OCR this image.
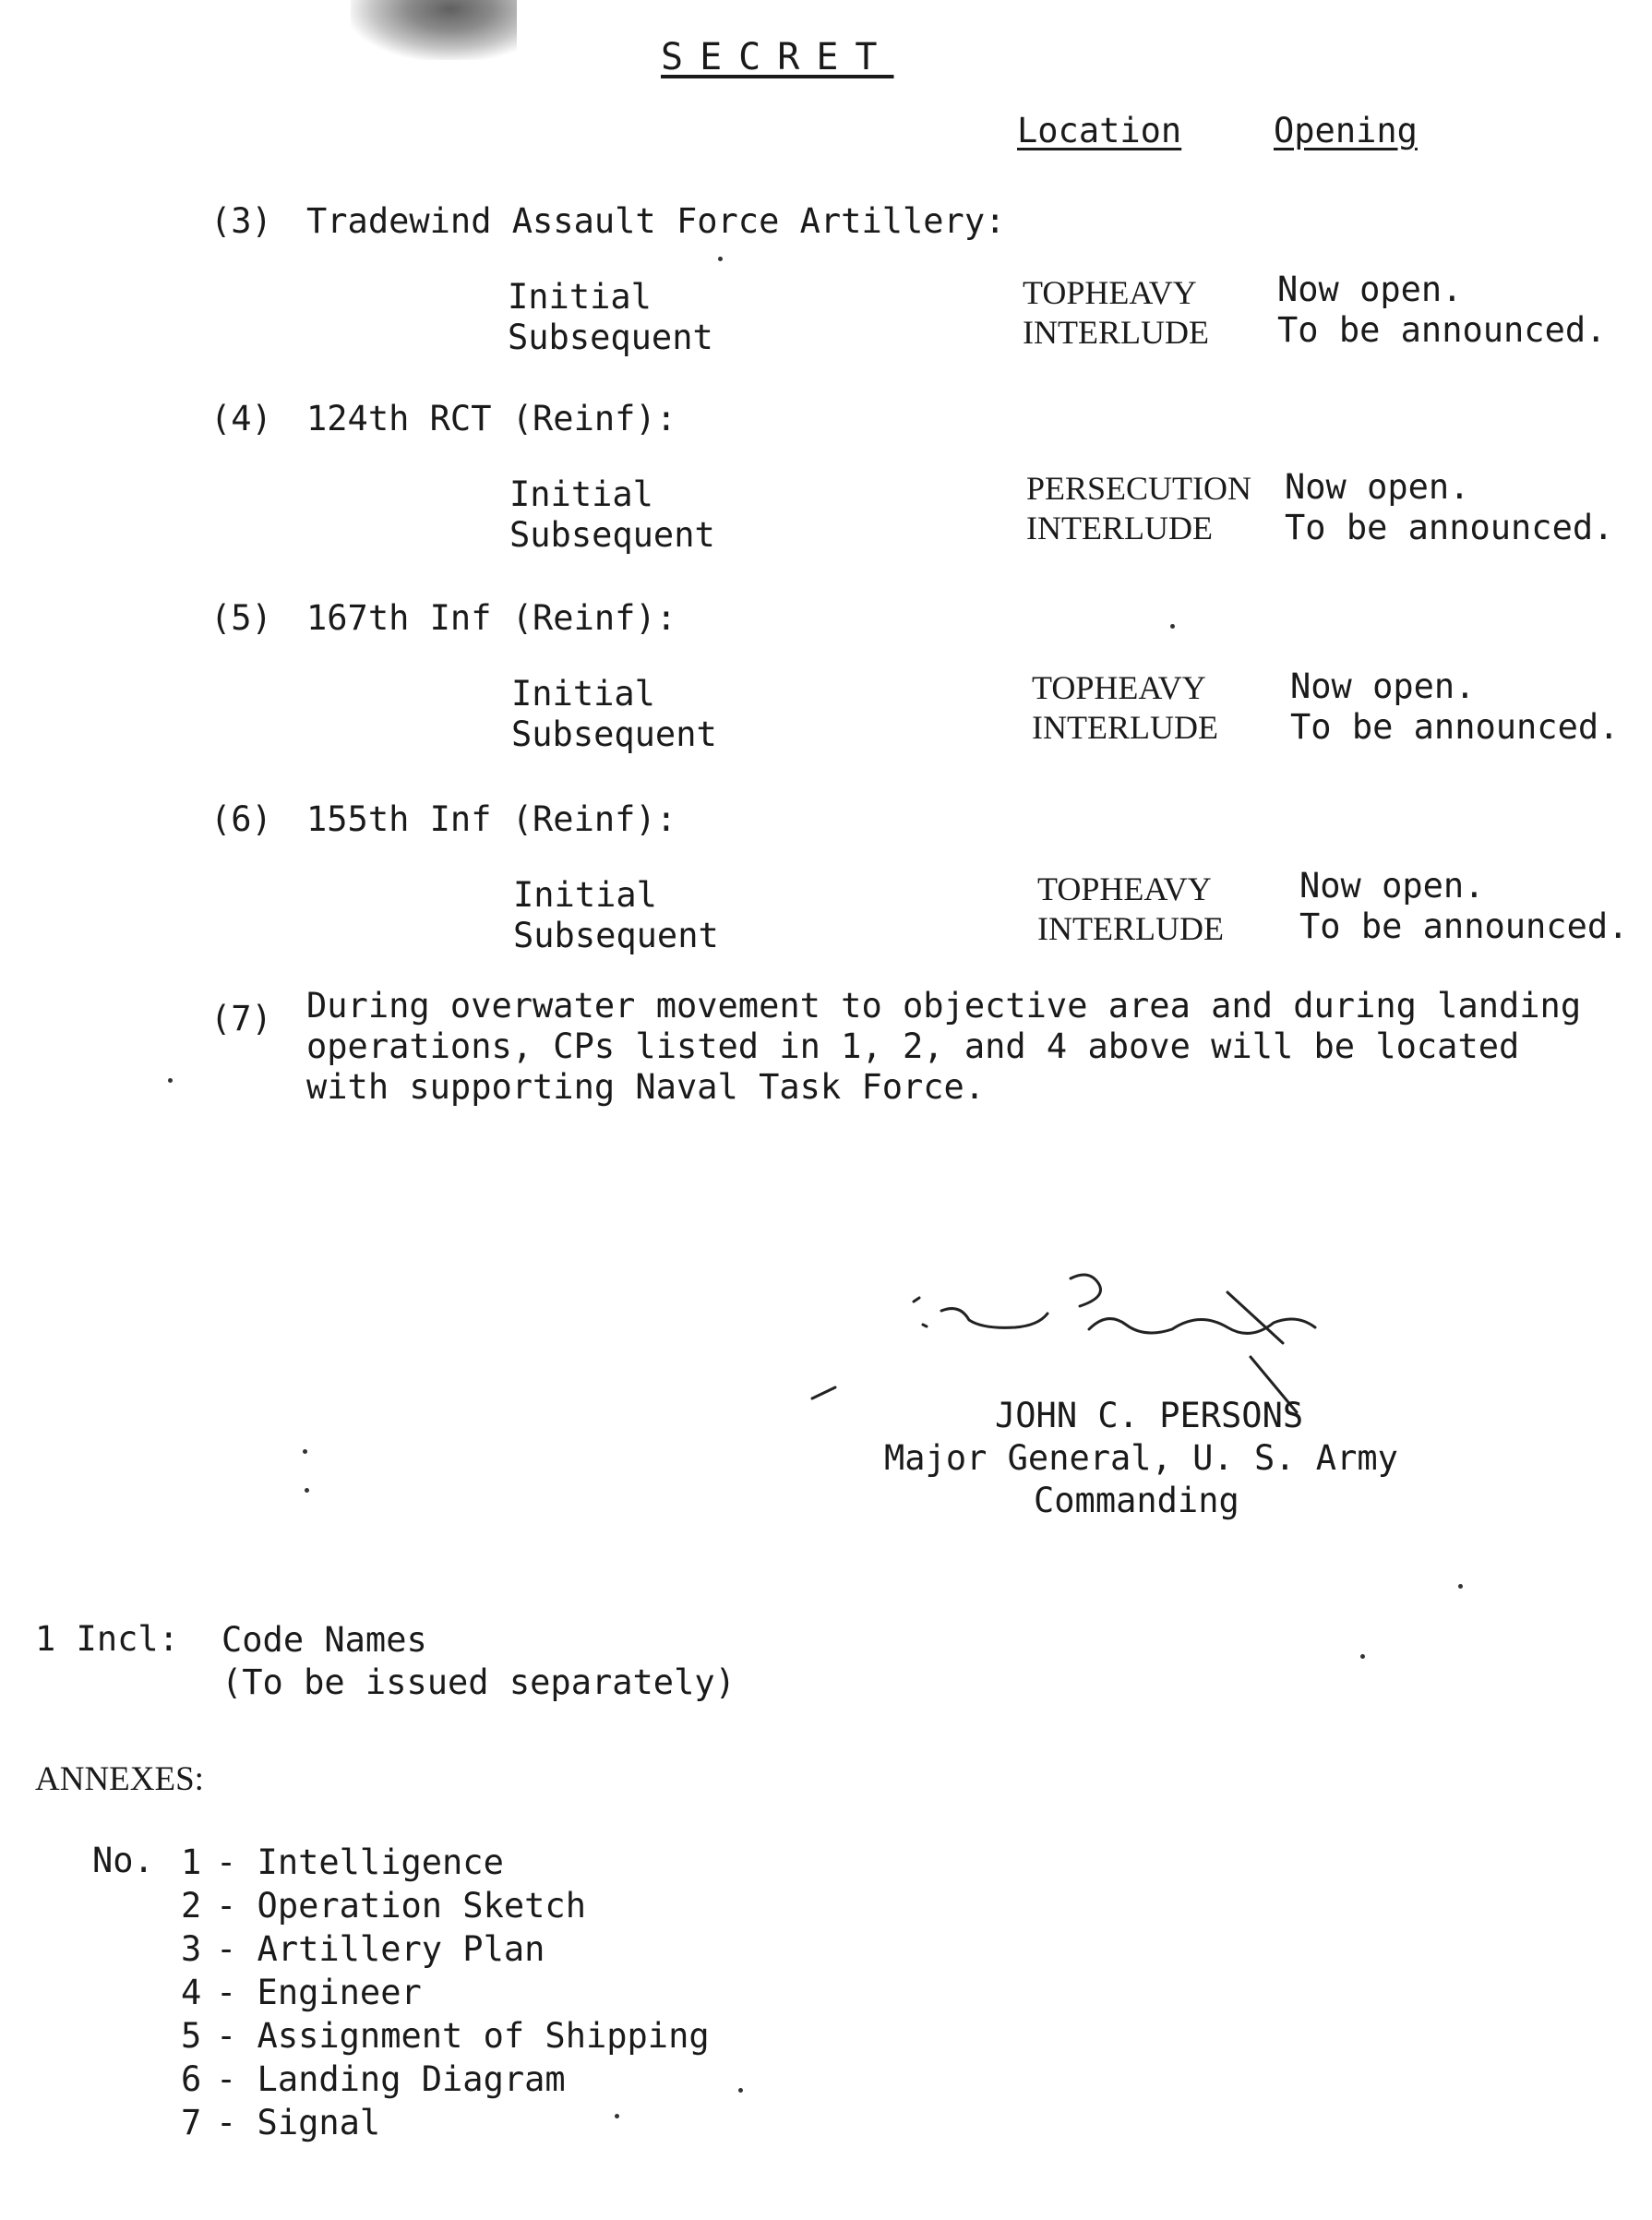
SECRET
Location	Opening
(3) Tradewind Assault Force Artillery:
Initial
Subsequent
TOPHEAVY
INTERLUDE
Now open.
To be announced.
(4) 124th RCT (Reinf):
Initial
Subsequent
PERSECUTION
INTERLUDE
Now open.
To be announced.
(5) 167th Inf (Reinf):
Initial
Subsequent
TOPHEAVY
INTERLUDE
Now open.
To be announced.
(6) 155th Inf (Reinf):
Initial
Subsequent
TOPHEAVY
INTERLUDE
Now open.
To be announced.
(7) During overwater movement to objective area and during landing
operations, CPs listed in 1, 2, and 4 above will be located
with supporting Naval Task Force.
JOHN C. PERSONS
Major General, U. S. Army
Commanding
1 Incl: Code Names
(To be issued separately)
ANNEXES:
No. 1
2
3
4
5
6
7
- Intelligence
- Operation Sketch
- Artillery Plan
- Engineer
- Assignment of Shipping
- Landing Diagram
- Signal
